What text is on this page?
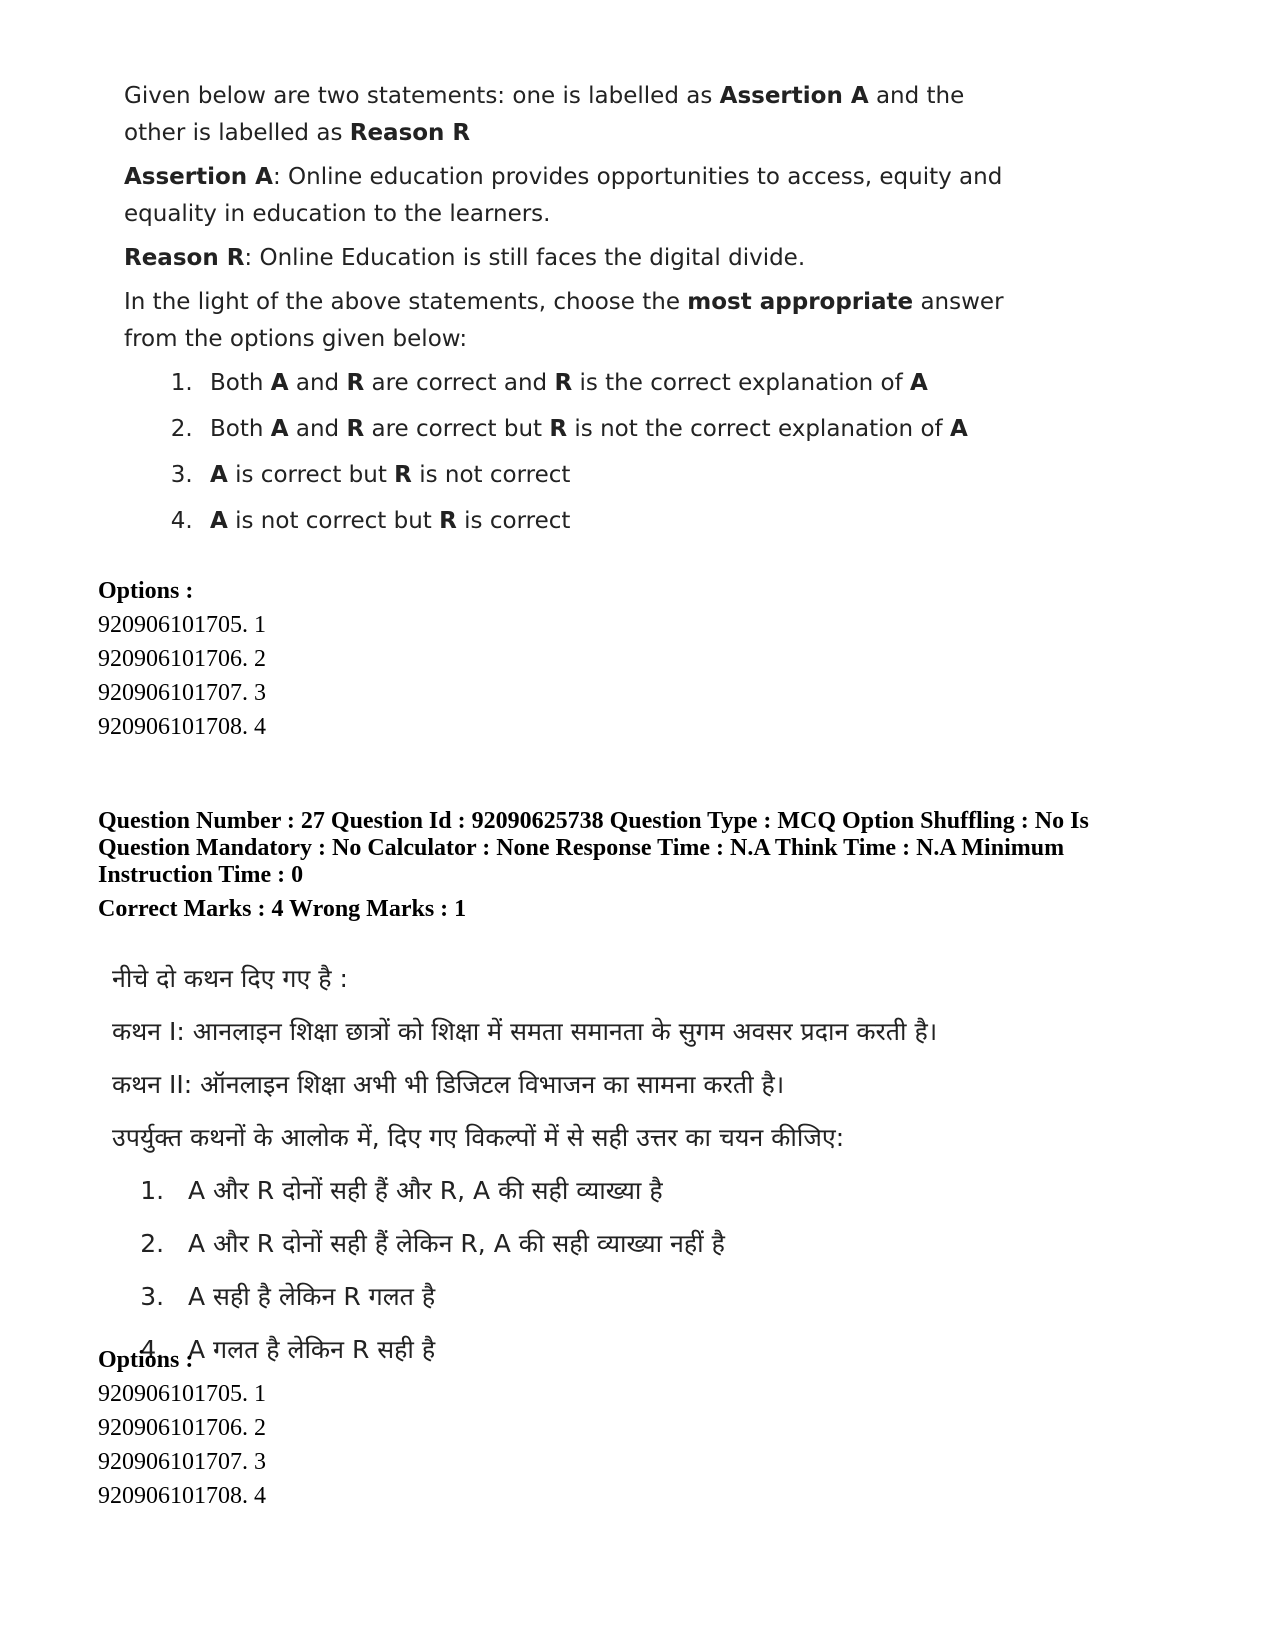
Given below are two statements: one is labelled as Assertion A and the other is labelled as Reason R

Assertion A: Online education provides opportunities to access, equity and equality in education to the learners.

Reason R: Online Education is still faces the digital divide.

In the light of the above statements, choose the most appropriate answer from the options given below:

1. Both A and R are correct and R is the correct explanation of A
2. Both A and R are correct but R is not the correct explanation of A
3. A is correct but R is not correct
4. A is not correct but R is correct
Options :
920906101705. 1
920906101706. 2
920906101707. 3
920906101708. 4
Question Number : 27 Question Id : 92090625738 Question Type : MCQ Option Shuffling : No Is Question Mandatory : No Calculator : None Response Time : N.A Think Time : N.A Minimum Instruction Time : 0
Correct Marks : 4 Wrong Marks : 1

नीचे दो कथन दिए गए है :

कथन I: आनलाइन शिक्षा छात्रों को शिक्षा में समता समानता के सुगम अवसर प्रदान करती है।

कथन II: ऑनलाइन शिक्षा अभी भी डिजिटल विभाजन का सामना करती है।

उपर्युक्त कथनों के आलोक में, दिए गए विकल्पों में से सही उत्तर का चयन कीजिए:

1. A और R दोनों सही हैं और R, A की सही व्याख्या है
2. A और R दोनों सही हैं लेकिन R, A की सही व्याख्या नहीं है
3. A सही है लेकिन R गलत है
4. A गलत है लेकिन R सही है
Options :
920906101705. 1
920906101706. 2
920906101707. 3
920906101708. 4
